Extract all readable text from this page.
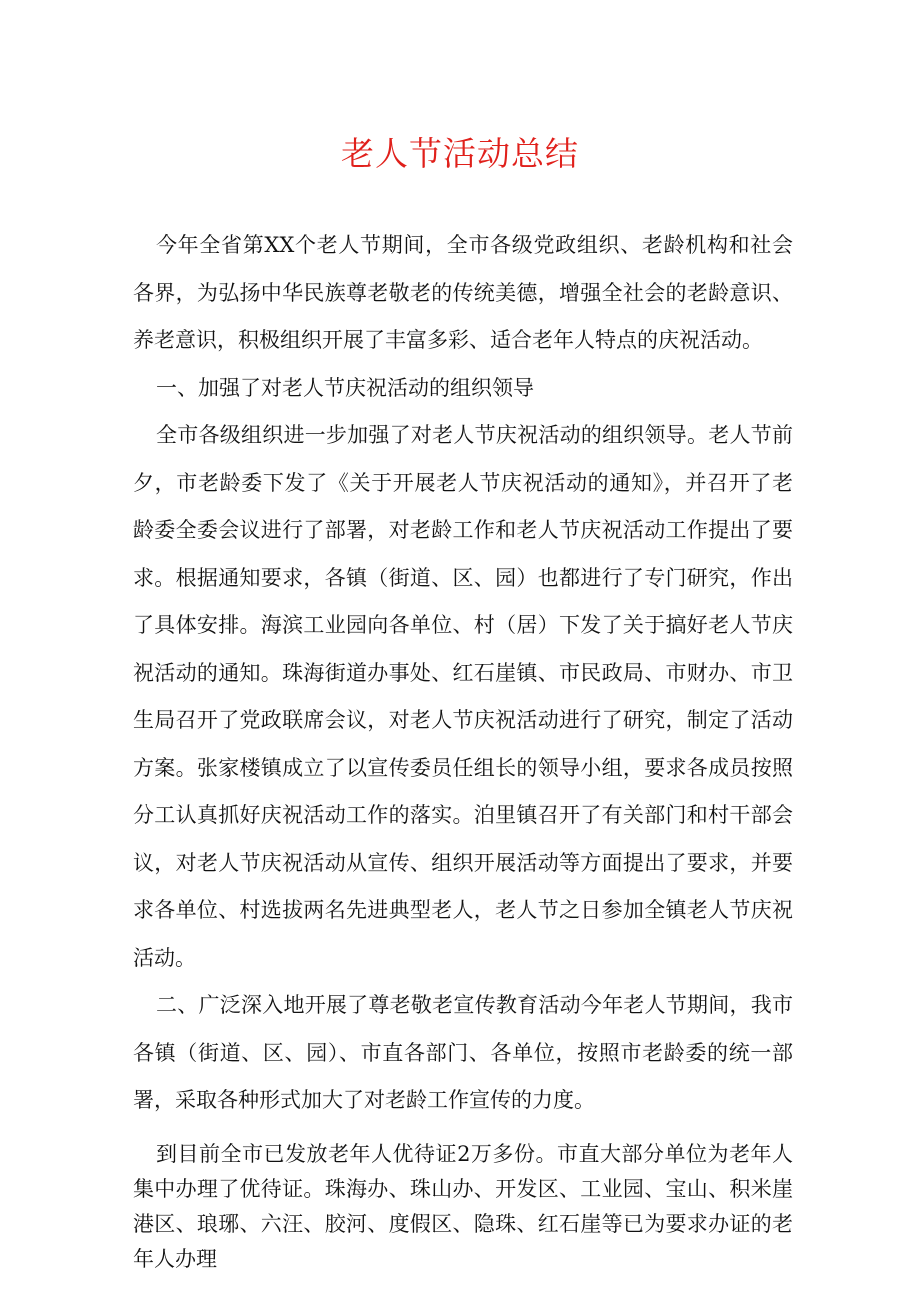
老人节活动总结

今年全省第XX个老人节期间，全市各级党政组织、老龄机构和社会各界，为弘扬中华民族尊老敬老的传统美德，增强全社会的老龄意识、养老意识，积极组织开展了丰富多彩、适合老年人特点的庆祝活动。

一、加强了对老人节庆祝活动的组织领导

全市各级组织进一步加强了对老人节庆祝活动的组织领导。老人节前夕，市老龄委下发了《关于开展老人节庆祝活动的通知》，并召开了老龄委全委会议进行了部署，对老龄工作和老人节庆祝活动工作提出了要求。根据通知要求，各镇（街道、区、园）也都进行了专门研究，作出了具体安排。海滨工业园向各单位、村（居）下发了关于搞好老人节庆祝活动的通知。珠海街道办事处、红石崖镇、市民政局、市财办、市卫生局召开了党政联席会议，对老人节庆祝活动进行了研究，制定了活动方案。张家楼镇成立了以宣传委员任组长的领导小组，要求各成员按照分工认真抓好庆祝活动工作的落实。泊里镇召开了有关部门和村干部会议，对老人节庆祝活动从宣传、组织开展活动等方面提出了要求，并要求各单位、村选拔两名先进典型老人，老人节之日参加全镇老人节庆祝活动。

二、广泛深入地开展了尊老敬老宣传教育活动今年老人节期间，我市各镇（街道、区、园）、市直各部门、各单位，按照市老龄委的统一部署，采取各种形式加大了对老龄工作宣传的力度。

到目前全市已发放老年人优待证2万多份。市直大部分单位为老年人集中办理了优待证。珠海办、珠山办、开发区、工业园、宝山、积米崖港区、琅琊、六汪、胶河、度假区、隐珠、红石崖等已为要求办证的老年人办理
